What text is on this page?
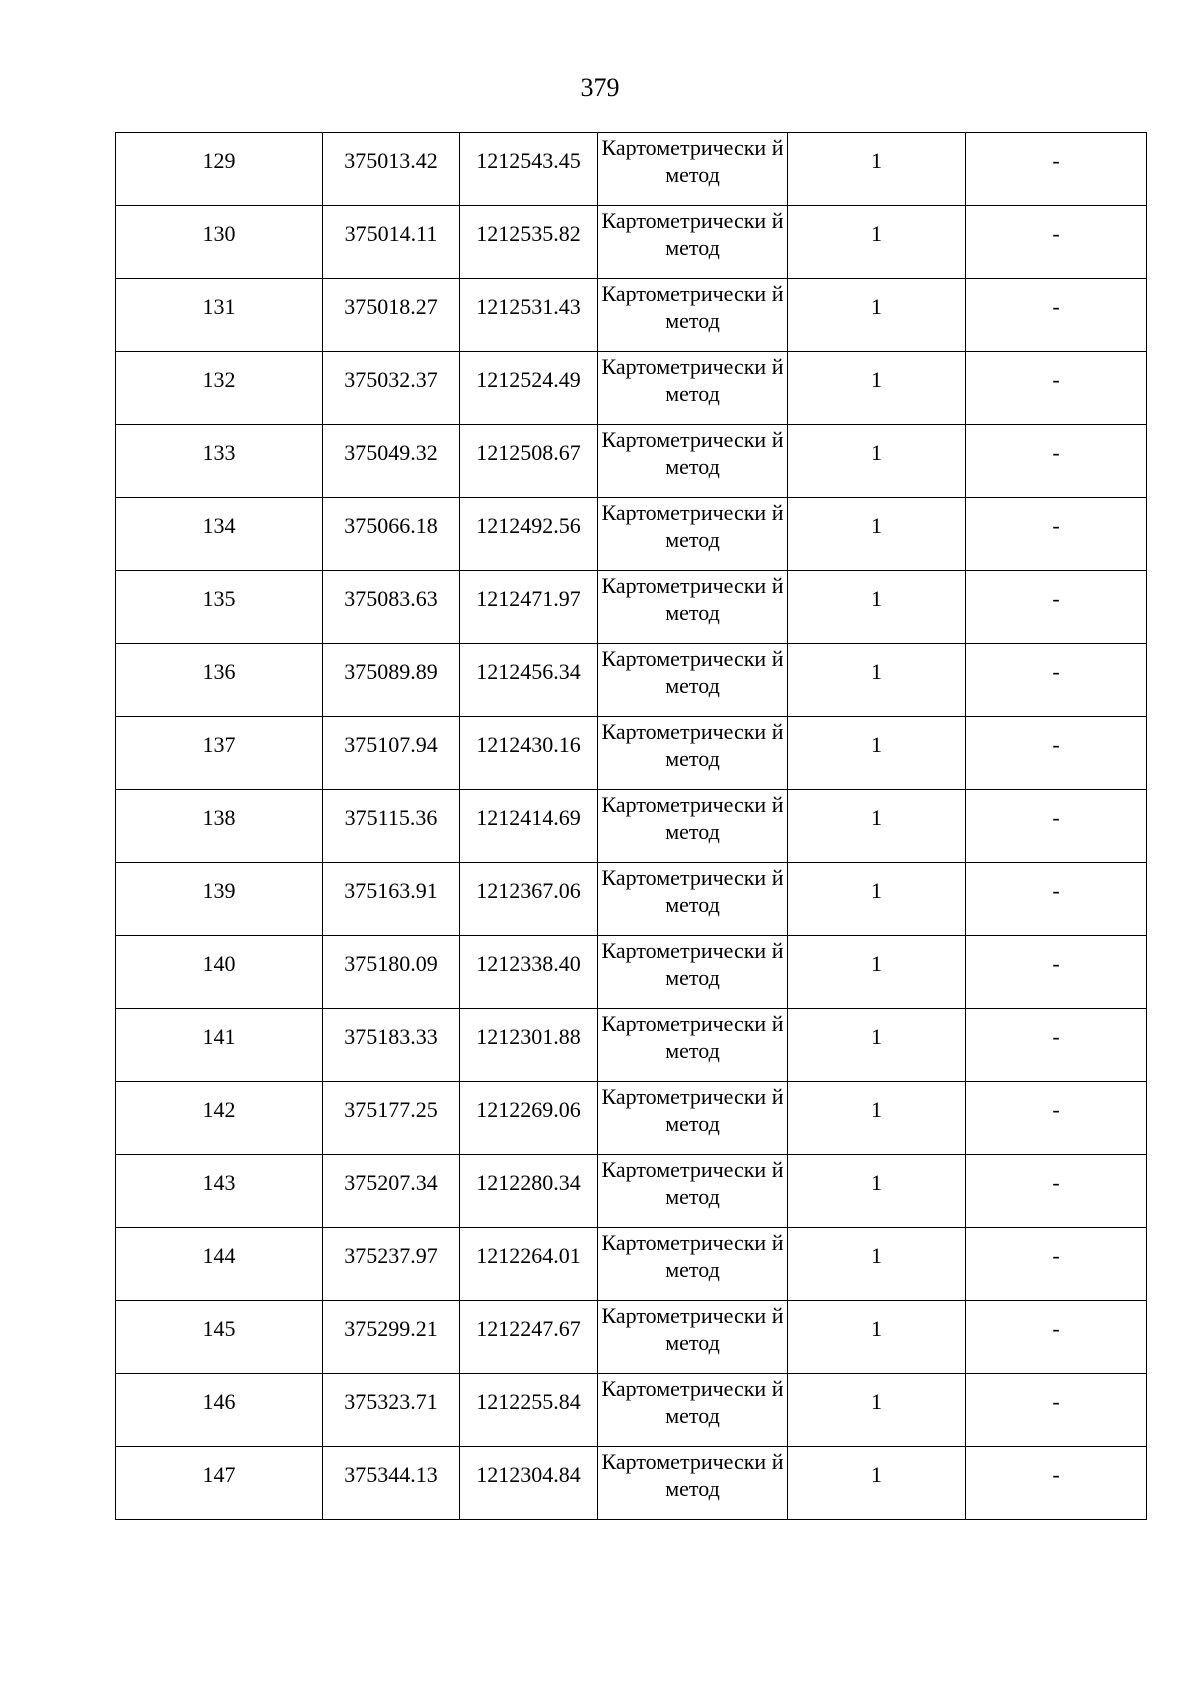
379
129	375013.42	1212543.45	Картометрически й метод	1	-

130	375014.11	1212535.82	Картометрически й метод	1	-

131	375018.27	1212531.43	Картометрически й метод	1	-

132	375032.37	1212524.49	Картометрически й метод	1	-

133	375049.32	1212508.67	Картометрически й метод	1	-

134	375066.18	1212492.56	Картометрически й метод	1	-

135	375083.63	1212471.97	Картометрически й метод	1	-

136	375089.89	1212456.34	Картометрически й метод	1	-

137	375107.94	1212430.16	Картометрически й метод	1	-

138	375115.36	1212414.69	Картометрически й метод	1	-

139	375163.91	1212367.06	Картометрически й метод	1	-

140	375180.09	1212338.40	Картометрически й метод	1	-

141	375183.33	1212301.88	Картометрически й метод	1	-

142	375177.25	1212269.06	Картометрически й метод	1	-

143	375207.34	1212280.34	Картометрически й метод	1	-

144	375237.97	1212264.01	Картометрически й метод	1	-

145	375299.21	1212247.67	Картометрически й метод	1	-

146	375323.71	1212255.84	Картометрически й метод	1	-

147	375344.13	1212304.84	Картометрически й метод	1	-
